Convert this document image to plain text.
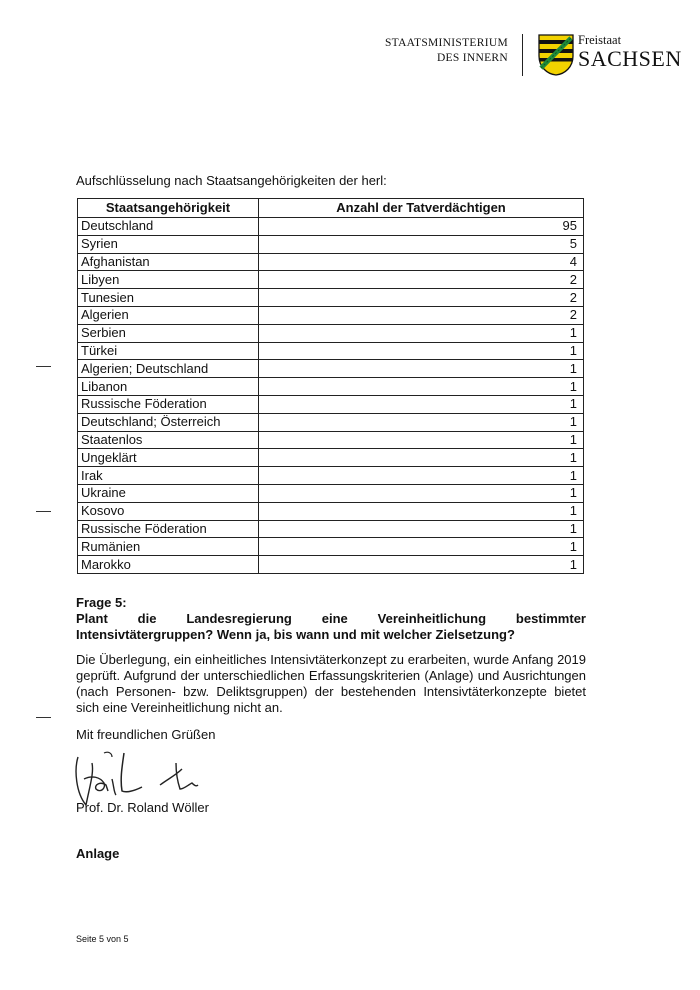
STAATSMINISTERIUM
DES INNERN
Freistaat
SACHSEN
Aufschlüsselung nach Staatsangehörigkeiten der herl:
Staatsangehörigkeit	Anzahl der Tatverdächtigen
Deutschland	95
Syrien	5
Afghanistan	4
Libyen	2
Tunesien	2
Algerien	2
Serbien	1
Türkei	1
Algerien; Deutschland	1
Libanon	1
Russische Föderation	1
Deutschland; Österreich	1
Staatenlos	1
Ungeklärt	1
Irak	1
Ukraine	1
Kosovo	1
Russische Föderation	1
Rumänien	1
Marokko	1
Frage 5:
Plant die Landesregierung eine Vereinheitlichung bestimmter Intensivtätergruppen? Wenn ja, bis wann und mit welcher Zielsetzung?
Die Überlegung, ein einheitliches Intensivtäterkonzept zu erarbeiten, wurde Anfang 2019 geprüft. Aufgrund der unterschiedlichen Erfassungskriterien (Anlage) und Ausrichtungen (nach Personen- bzw. Deliktsgruppen) der bestehenden Intensivtäterkonzepte bietet sich eine Vereinheitlichung nicht an.
Mit freundlichen Grüßen
Prof. Dr. Roland Wöller
Anlage
Seite 5 von 5
